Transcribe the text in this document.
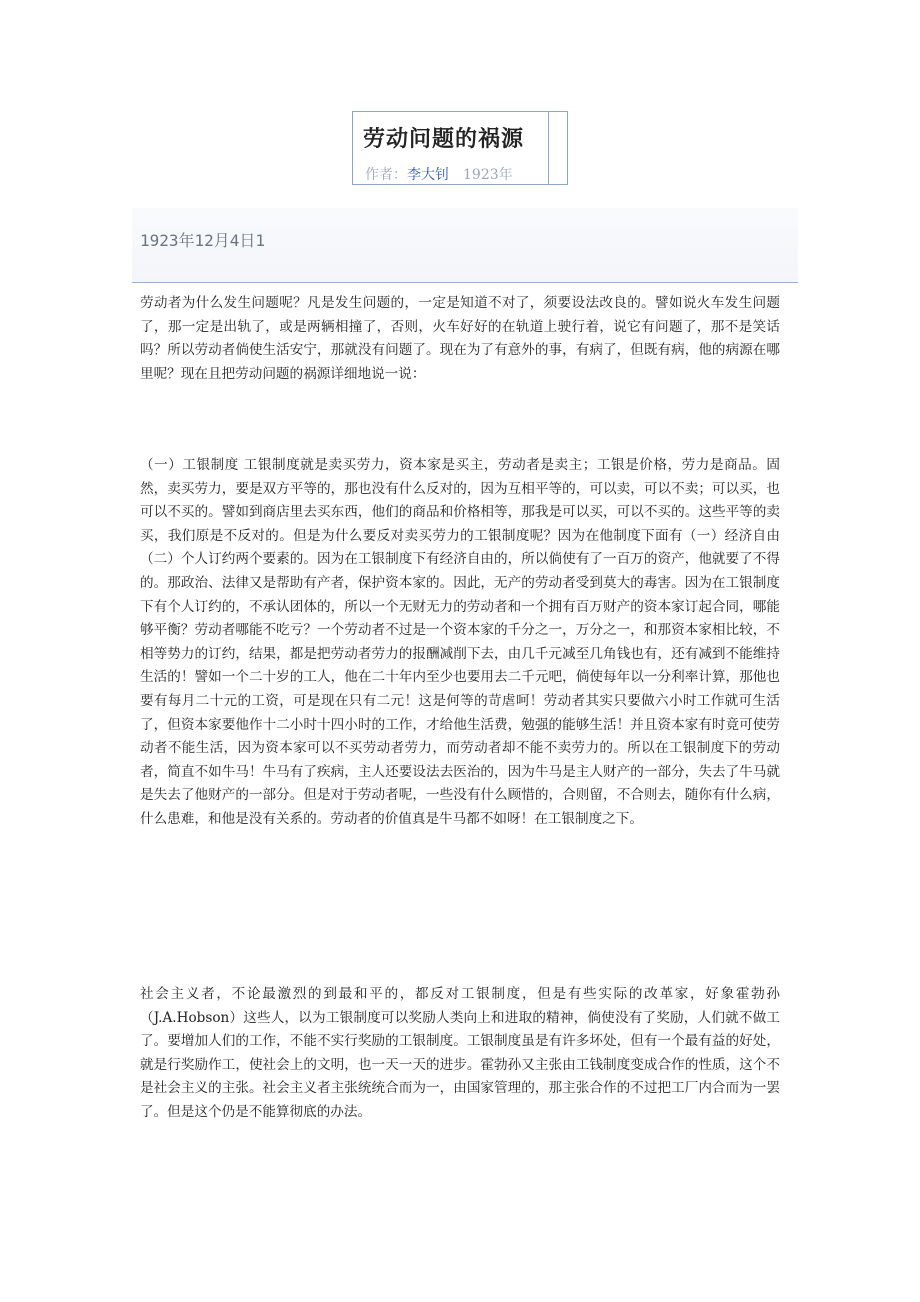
劳动问题的祸源
作者：李大钊 1923年
1923年12月4日1

劳动者为什么发生问题呢？凡是发生问题的，一定是知道不对了，须要设法改良的。譬如说火车发生问题了，那一定是出轨了，或是两辆相撞了，否则，火车好好的在轨道上驶行着，说它有问题了，那不是笑话吗？所以劳动者倘使生活安宁，那就没有问题了。现在为了有意外的事，有病了，但既有病，他的病源在哪里呢？现在且把劳动问题的祸源详细地说一说：

（一）工银制度 工银制度就是卖买劳力，资本家是买主，劳动者是卖主；工银是价格，劳力是商品。固然，卖买劳力，要是双方平等的，那也没有什么反对的，因为互相平等的，可以卖，可以不卖；可以买，也可以不买的。譬如到商店里去买东西，他们的商品和价格相等，那我是可以买，可以不买的。这些平等的卖买，我们原是不反对的。但是为什么要反对卖买劳力的工银制度呢？因为在他制度下面有（一）经济自由（二）个人订约两个要素的。因为在工银制度下有经济自由的，所以倘使有了一百万的资产，他就要了不得的。那政治、法律又是帮助有产者，保护资本家的。因此，无产的劳动者受到莫大的毒害。因为在工银制度下有个人订约的，不承认团体的，所以一个无财无力的劳动者和一个拥有百万财产的资本家订起合同，哪能够平衡？劳动者哪能不吃亏？一个劳动者不过是一个资本家的千分之一，万分之一，和那资本家相比较，不相等势力的订约，结果，都是把劳动者劳力的报酬减削下去，由几千元减至几角钱也有，还有减到不能维持生活的！譬如一个二十岁的工人，他在二十年内至少也要用去二千元吧，倘使每年以一分利率计算，那他也要有每月二十元的工资，可是现在只有二元！这是何等的苛虐呵！劳动者其实只要做六小时工作就可生活了，但资本家要他作十二小时十四小时的工作，才给他生活费，勉强的能够生活！并且资本家有时竟可使劳动者不能生活，因为资本家可以不买劳动者劳力，而劳动者却不能不卖劳力的。所以在工银制度下的劳动者，简直不如牛马！牛马有了疾病，主人还要设法去医治的，因为牛马是主人财产的一部分，失去了牛马就是失去了他财产的一部分。但是对于劳动者呢，一些没有什么顾惜的，合则留，不合则去，随你有什么病，什么患难，和他是没有关系的。劳动者的价值真是牛马都不如呀！在工银制度之下。

社会主义者，不论最激烈的到最和平的，都反对工银制度，但是有些实际的改革家，好象霍勃孙（J.A.Hobson）这些人，以为工银制度可以奖励人类向上和进取的精神，倘使没有了奖励，人们就不做工了。要增加人们的工作，不能不实行奖励的工银制度。工银制度虽是有许多坏处，但有一个最有益的好处，就是行奖励作工，使社会上的文明，也一天一天的进步。霍勃孙又主张由工钱制度变成合作的性质，这个不是社会主义的主张。社会主义者主张统统合而为一，由国家管理的，那主张合作的不过把工厂内合而为一罢了。但是这个仍是不能算彻底的办法。
